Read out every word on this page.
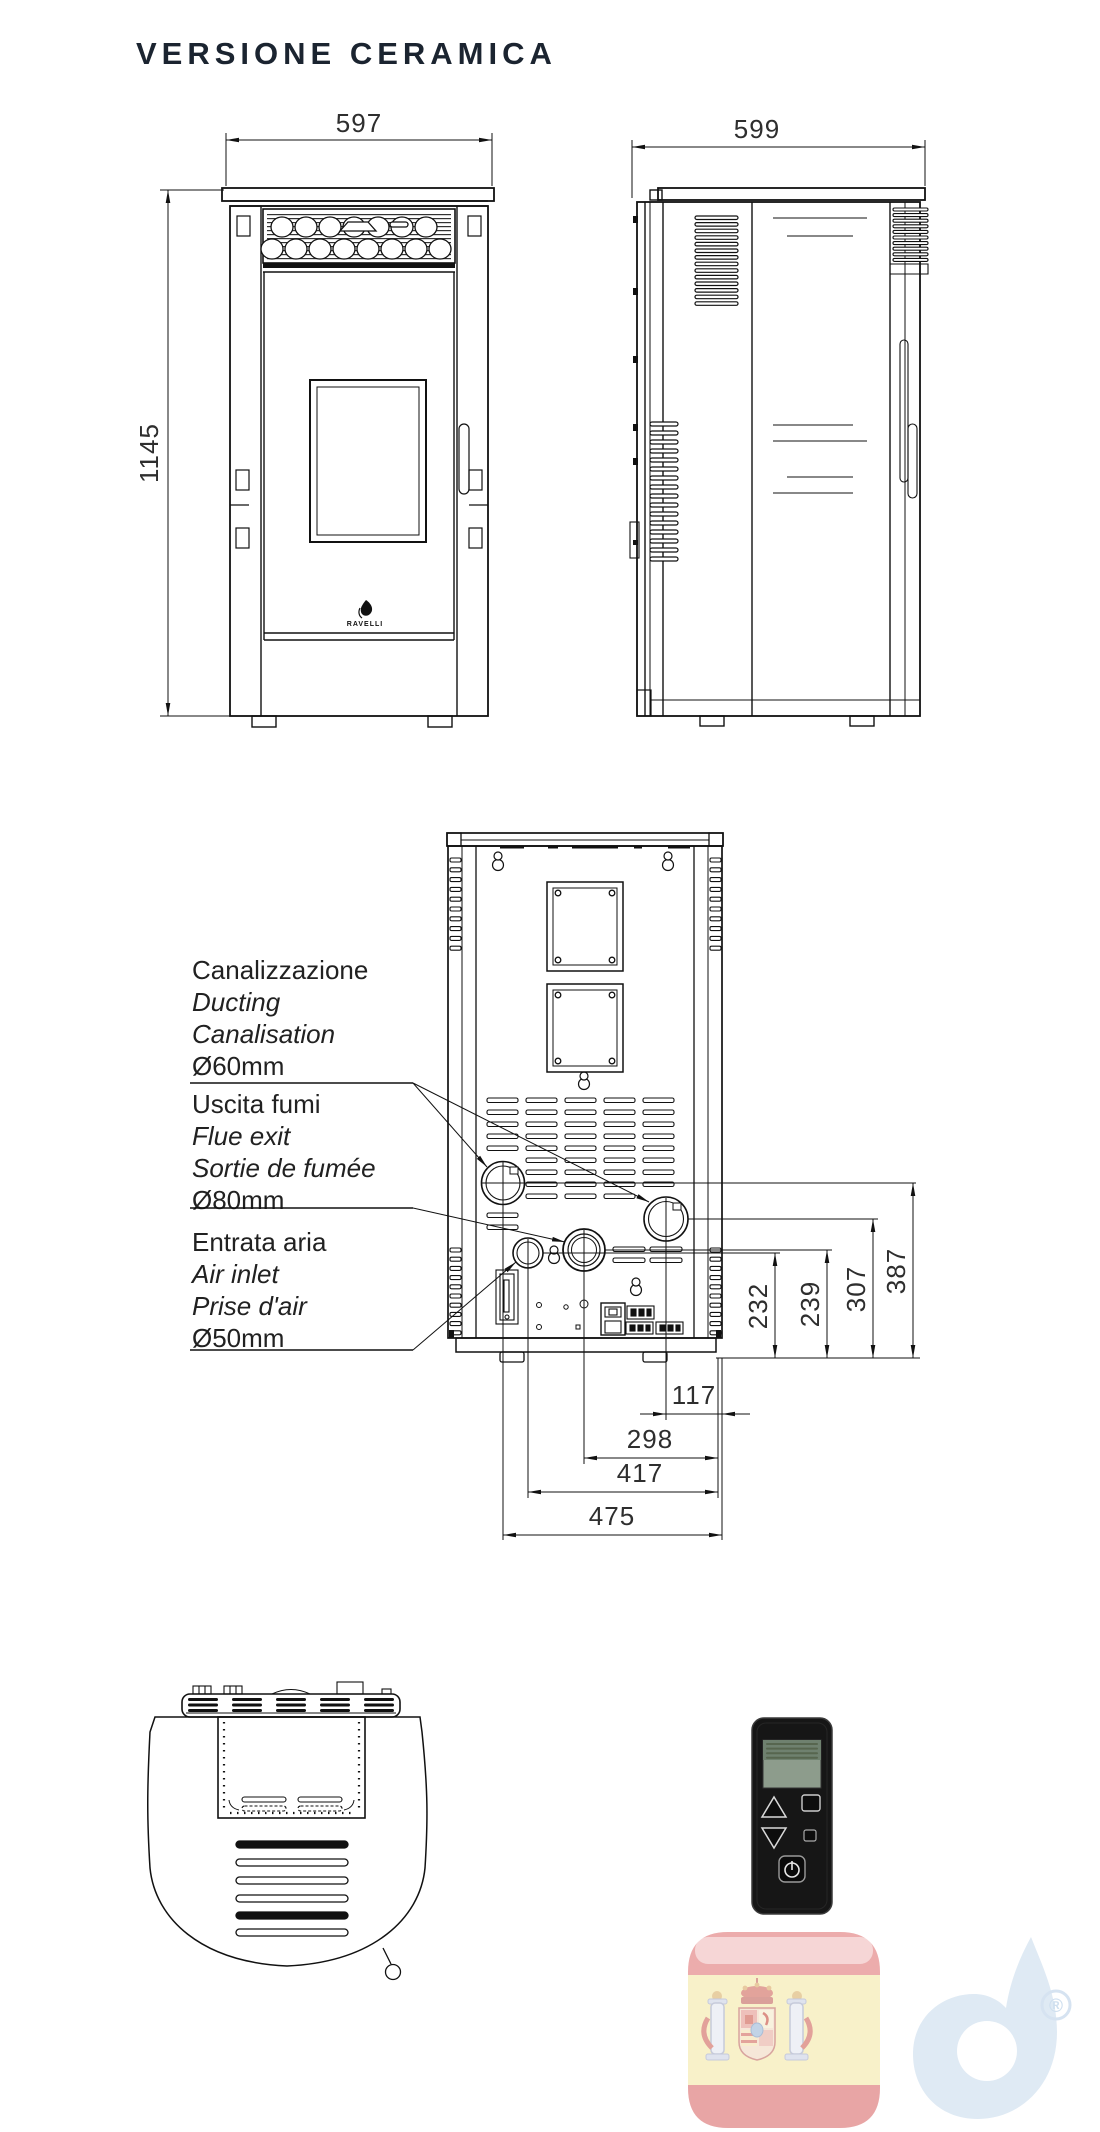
VERSIONE CERAMICA
Canalizzazione
Ducting
Canalisation
Ø60mm
Uscita fumi
Flue exit
Sortie de fumée
Ø80mm
Entrata aria
Air inlet
Prise d'air
Ø50mm
RAVELLI
597
1145
599
232 239 307 387
117
298
417
475
®
